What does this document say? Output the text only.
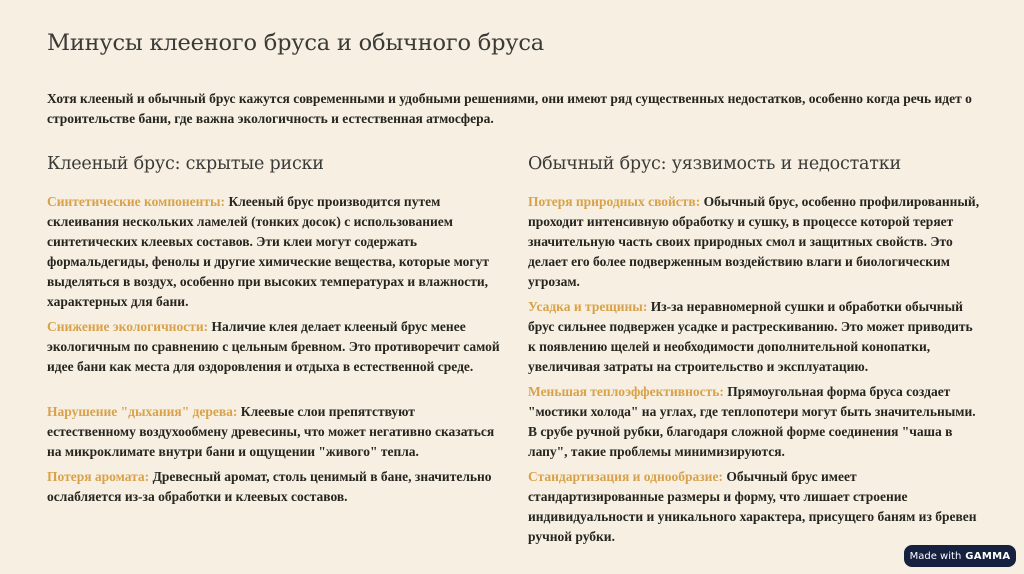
Минусы клееного бруса и обычного бруса

Хотя клееный и обычный брус кажутся современными и удобными решениями, они имеют ряд существенных недостатков, особенно когда речь идет о строительстве бани, где важна экологичность и естественная атмосфера.

Клееный брус: скрытые риски

Синтетические компоненты: Клееный брус производится путем склеивания нескольких ламелей (тонких досок) с использованием синтетических клеевых составов. Эти клеи могут содержать формальдегиды, фенолы и другие химические вещества, которые могут выделяться в воздух, особенно при высоких температурах и влажности, характерных для бани.

Снижение экологичности: Наличие клея делает клееный брус менее экологичным по сравнению с цельным бревном. Это противоречит самой идее бани как места для оздоровления и отдыха в естественной среде.

Нарушение "дыхания" дерева: Клеевые слои препятствуют естественному воздухообмену древесины, что может негативно сказаться на микроклимате внутри бани и ощущении "живого" тепла.

Потеря аромата: Древесный аромат, столь ценимый в бане, значительно ослабляется из-за обработки и клеевых составов.

Обычный брус: уязвимость и недостатки

Потеря природных свойств: Обычный брус, особенно профилированный, проходит интенсивную обработку и сушку, в процессе которой теряет значительную часть своих природных смол и защитных свойств. Это делает его более подверженным воздействию влаги и биологическим угрозам.

Усадка и трещины: Из-за неравномерной сушки и обработки обычный брус сильнее подвержен усадке и растрескиванию. Это может приводить к появлению щелей и необходимости дополнительной конопатки, увеличивая затраты на строительство и эксплуатацию.

Меньшая теплоэффективность: Прямоугольная форма бруса создает "мостики холода" на углах, где теплопотери могут быть значительными. В срубе ручной рубки, благодаря сложной форме соединения "чаша в лапу", такие проблемы минимизируются.

Стандартизация и однообразие: Обычный брус имеет стандартизированные размеры и форму, что лишает строение индивидуальности и уникального характера, присущего баням из бревен ручной рубки.

Made with GAMMA
